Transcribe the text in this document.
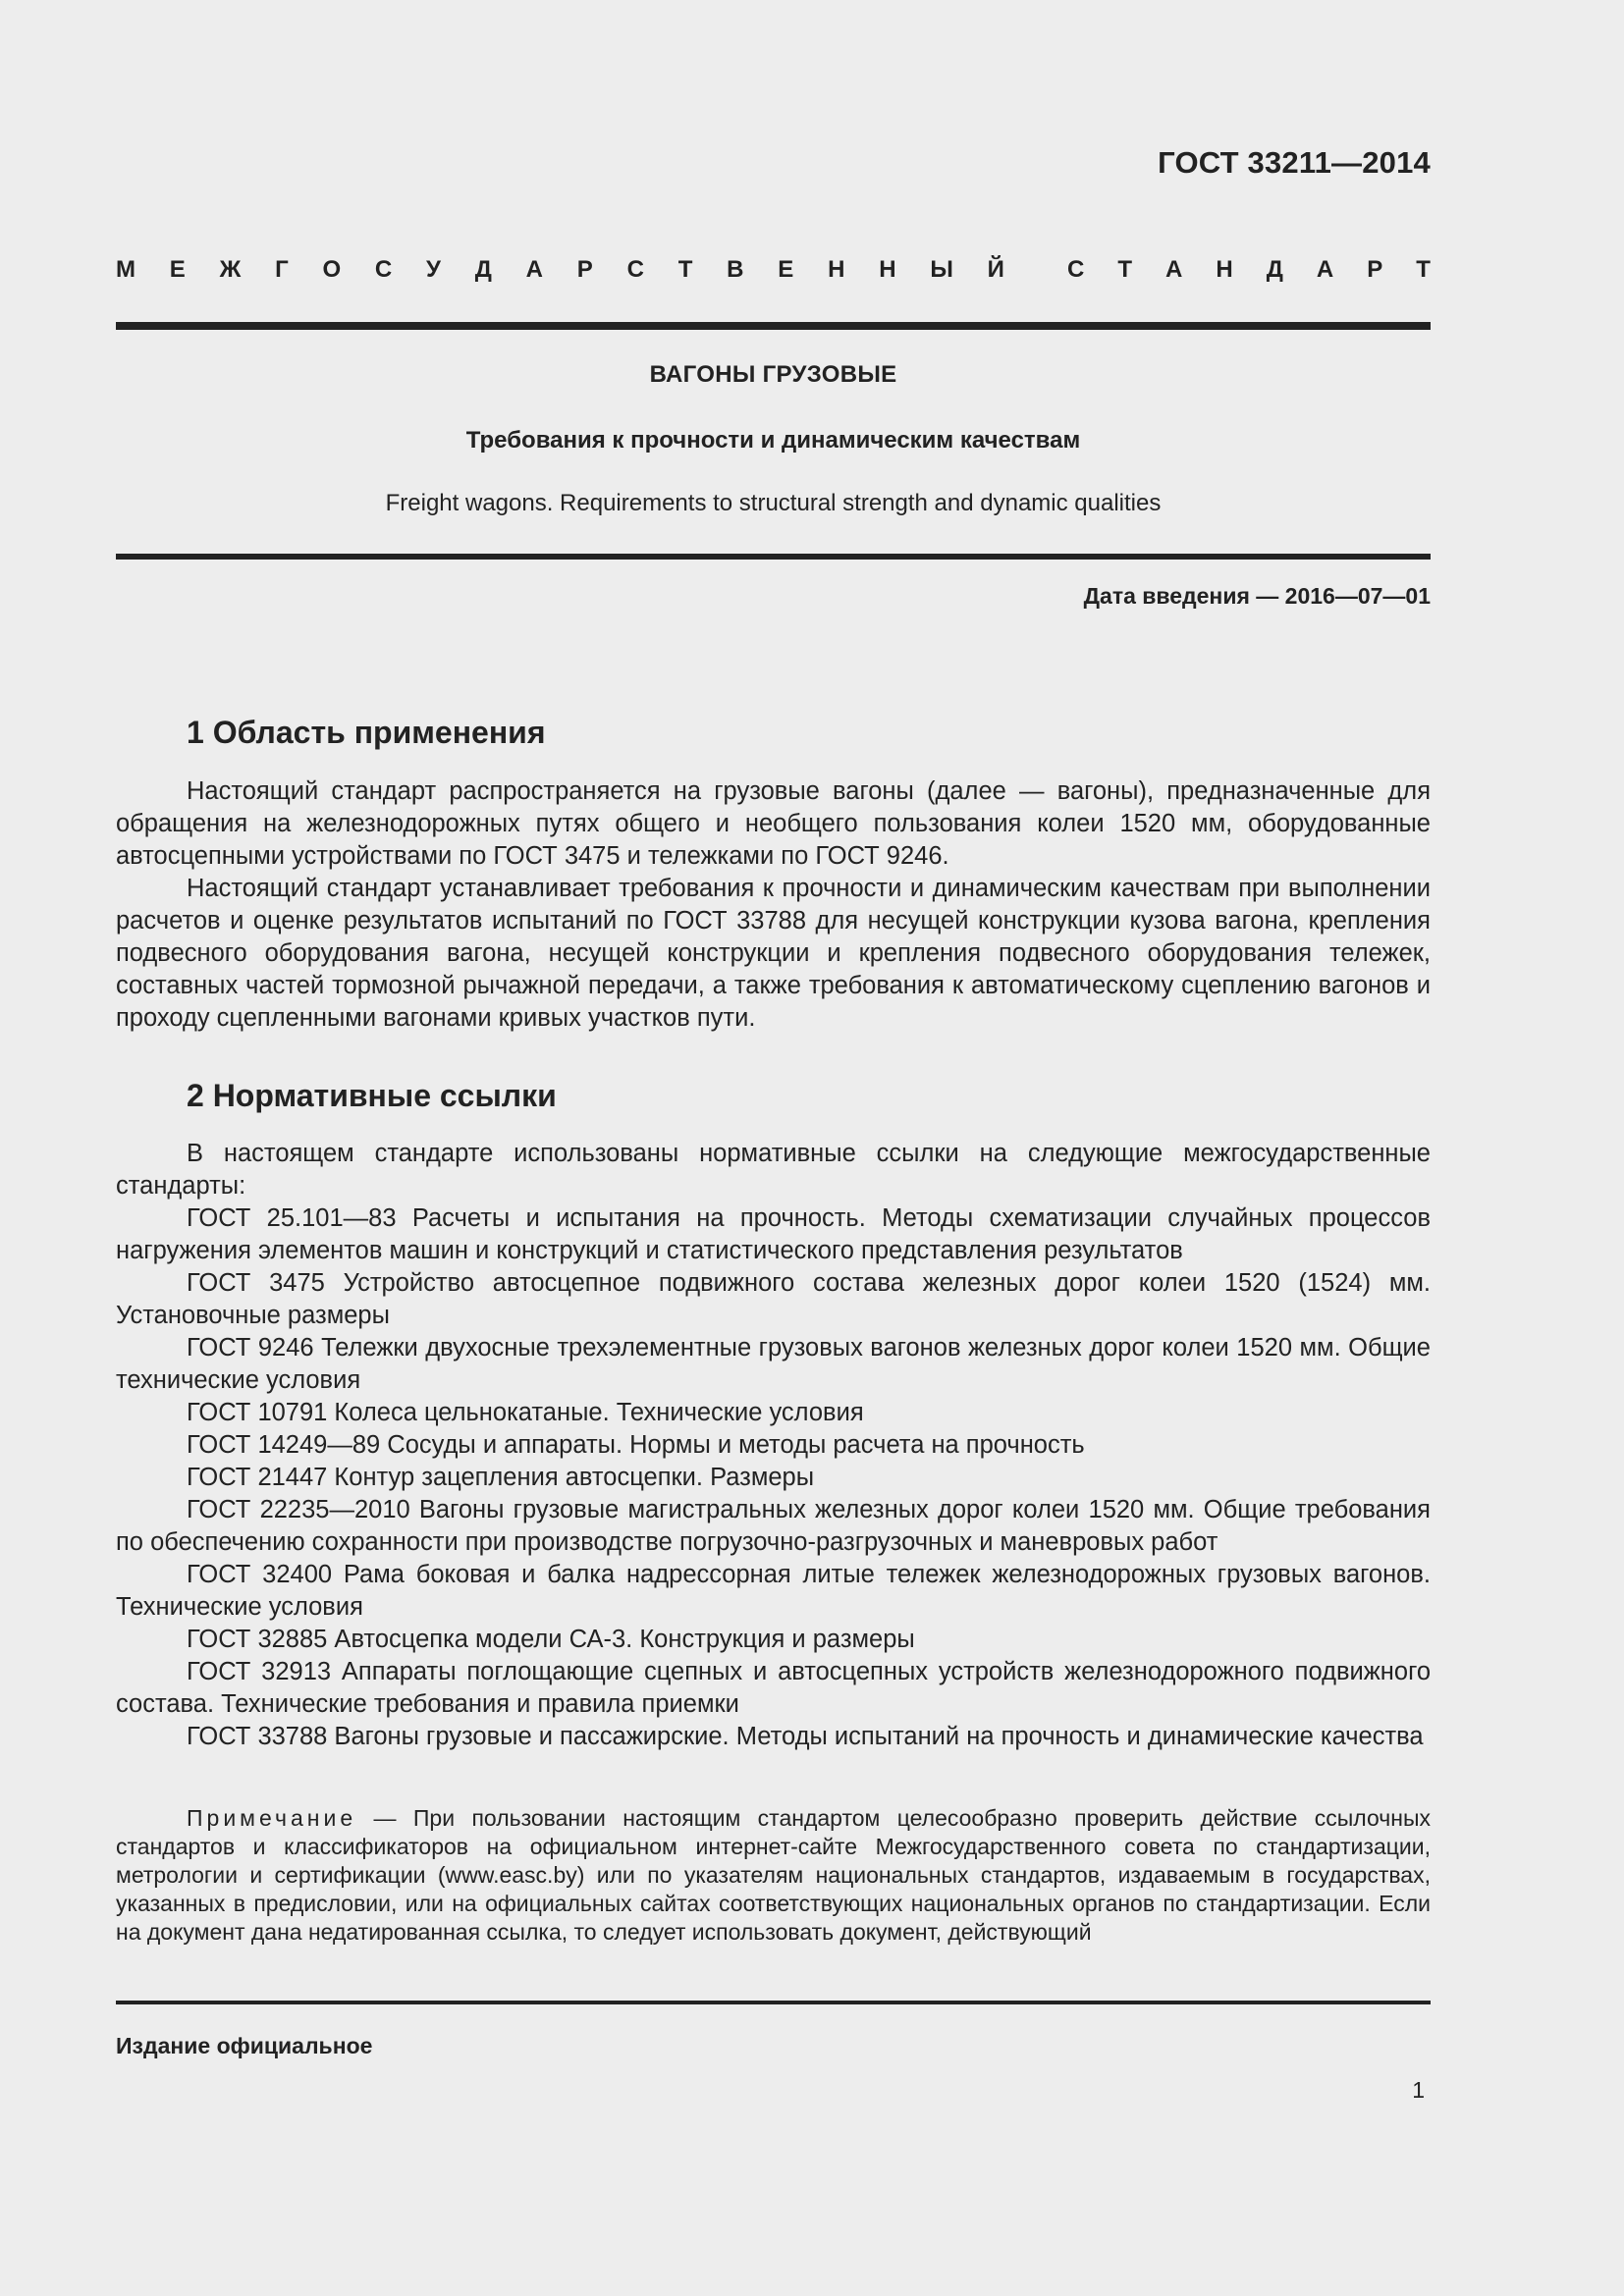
ГОСТ 33211—2014
М Е Ж Г О С У Д А Р С Т В Е Н Н Ы Й	С Т А Н Д А Р Т
ВАГОНЫ ГРУЗОВЫЕ
Требования к прочности и динамическим качествам
Freight wagons. Requirements to structural strength and dynamic qualities
Дата введения — 2016—07—01
1 Область применения

Настоящий стандарт распространяется на грузовые вагоны (далее — вагоны), предназначенные для обращения на железнодорожных путях общего и необщего пользования колеи 1520 мм, оборудованные автосцепными устройствами по ГОСТ 3475 и тележками по ГОСТ 9246.

Настоящий стандарт устанавливает требования к прочности и динамическим качествам при выполнении расчетов и оценке результатов испытаний по ГОСТ 33788 для несущей конструкции кузова вагона, крепления подвесного оборудования вагона, несущей конструкции и крепления подвесного оборудования тележек, составных частей тормозной рычажной передачи, а также требования к автоматическому сцеплению вагонов и проходу сцепленными вагонами кривых участков пути.

2 Нормативные ссылки

В настоящем стандарте использованы нормативные ссылки на следующие межгосударственные стандарты:

ГОСТ 25.101—83 Расчеты и испытания на прочность. Методы схематизации случайных процессов нагружения элементов машин и конструкций и статистического представления результатов

ГОСТ 3475 Устройство автосцепное подвижного состава железных дорог колеи 1520 (1524) мм. Установочные размеры

ГОСТ 9246 Тележки двухосные трехэлементные грузовых вагонов железных дорог колеи 1520 мм. Общие технические условия

ГОСТ 10791 Колеса цельнокатаные. Технические условия

ГОСТ 14249—89 Сосуды и аппараты. Нормы и методы расчета на прочность

ГОСТ 21447 Контур зацепления автосцепки. Размеры

ГОСТ 22235—2010 Вагоны грузовые магистральных железных дорог колеи 1520 мм. Общие требования по обеспечению сохранности при производстве погрузочно-разгрузочных и маневровых работ

ГОСТ 32400 Рама боковая и балка надрессорная литые тележек железнодорожных грузовых вагонов. Технические условия

ГОСТ 32885 Автосцепка модели СА-3. Конструкция и размеры

ГОСТ 32913 Аппараты поглощающие сцепных и автосцепных устройств железнодорожного подвижного состава. Технические требования и правила приемки

ГОСТ 33788 Вагоны грузовые и пассажирские. Методы испытаний на прочность и динамические качества

Примечание — При пользовании настоящим стандартом целесообразно проверить действие ссылочных стандартов и классификаторов на официальном интернет-сайте Межгосударственного совета по стандартизации, метрологии и сертификации (www.easc.by) или по указателям национальных стандартов, издаваемым в государствах, указанных в предисловии, или на официальных сайтах соответствующих национальных органов по стандартизации. Если на документ дана недатированная ссылка, то следует использовать документ, действующий

Издание официальное
1
